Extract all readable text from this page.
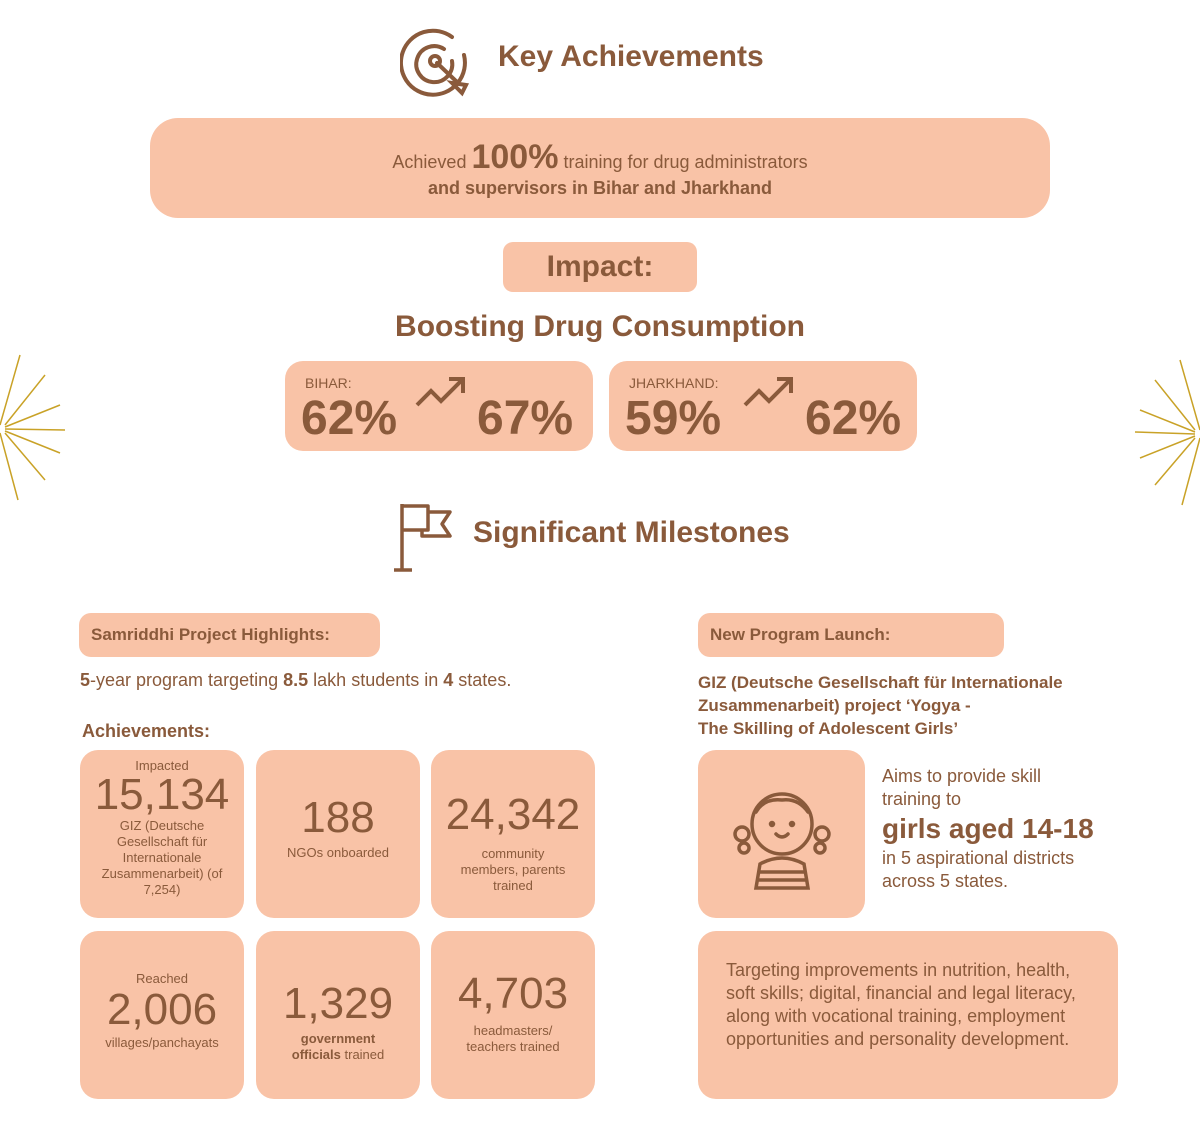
Key Achievements
Achieved 100% training for drug administrators
and supervisors in Bihar and Jharkhand
Impact:
Boosting Drug Consumption
BIHAR:
62% 67%
JHARKHAND:
59% 62%
Significant Milestones
Samriddhi Project Highlights:
5-year program targeting 8.5 lakh students in 4 states.
Achievements:
Impacted
15,134
GIZ (Deutsche Gesellschaft für Internationale Zusammenarbeit) (of 7,254)
188
NGOs onboarded
24,342
community members, parents trained
Reached
2,006
villages/panchayats
1,329
government officials trained
4,703
headmasters/ teachers trained
New Program Launch:
GIZ (Deutsche Gesellschaft für Internationale
Zusammenarbeit) project ‘Yogya -
The Skilling of Adolescent Girls’
Aims to provide skill
training to
girls aged 14-18
in 5 aspirational districts
across 5 states.
Targeting improvements in nutrition, health, soft skills; digital, financial and legal literacy, along with vocational training, employment opportunities and personality development.
